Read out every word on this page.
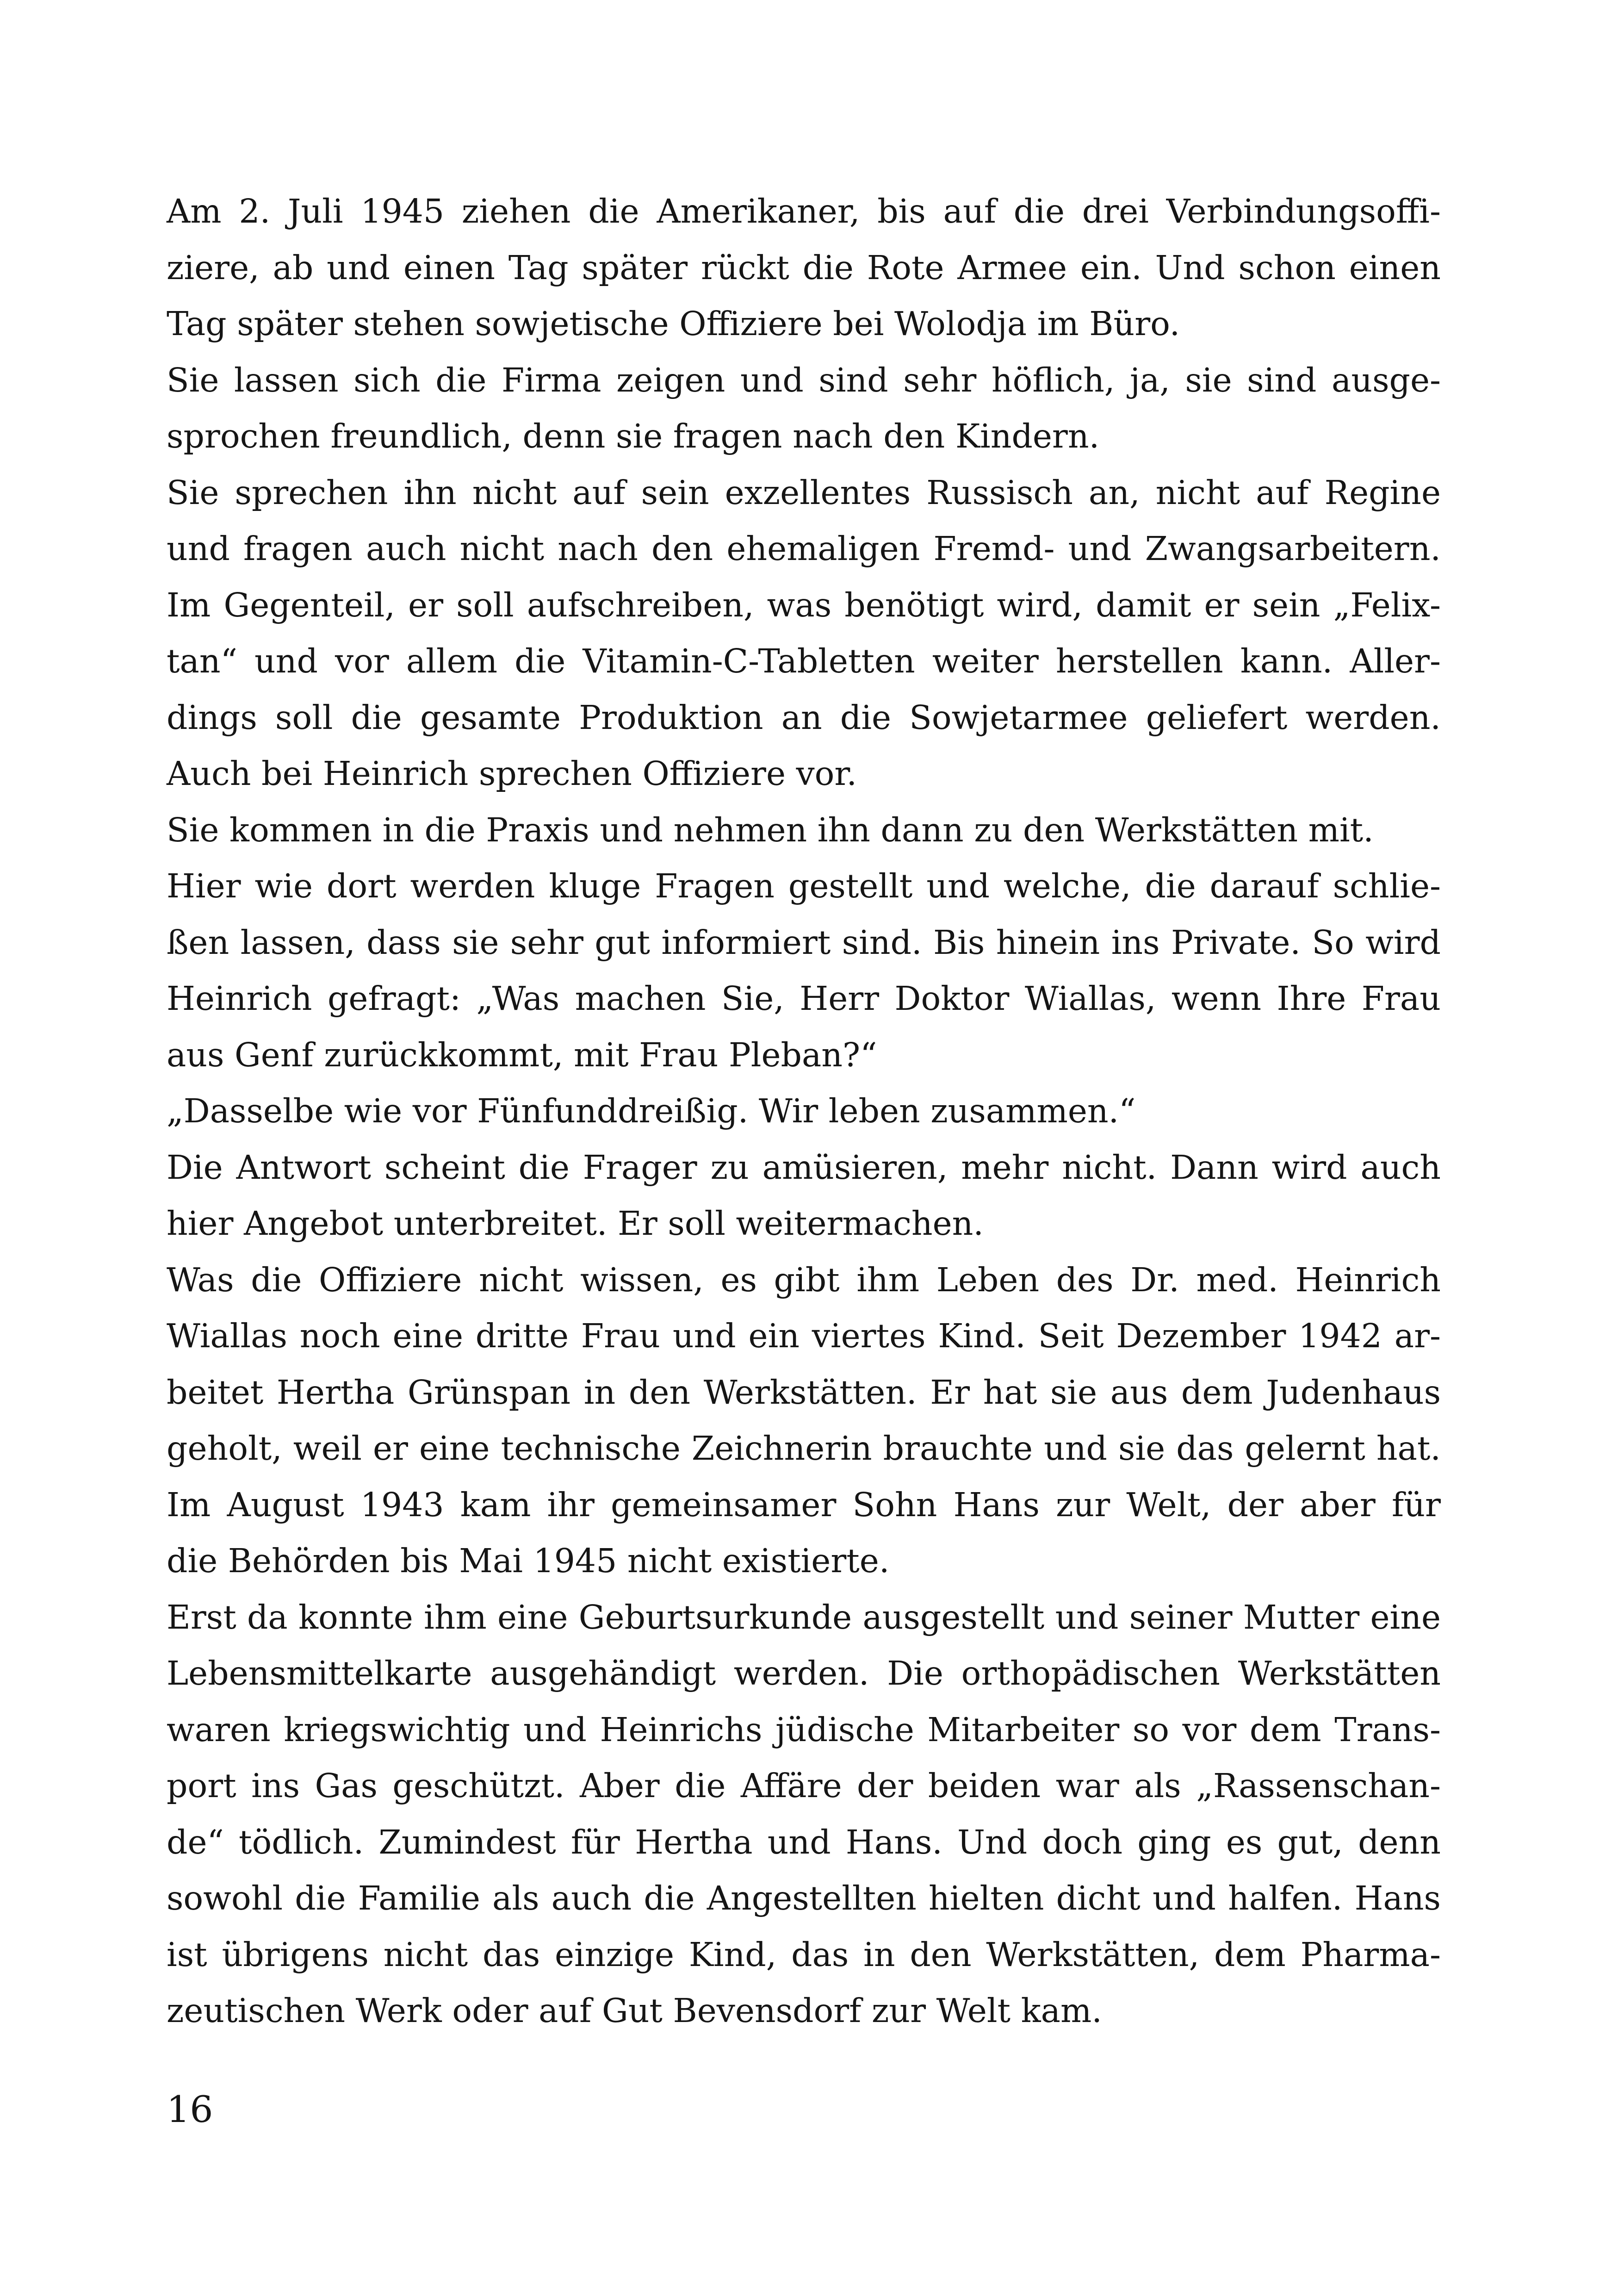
Am 2. Juli 1945 ziehen die Amerikaner, bis auf die drei Verbindungsoffi-
ziere, ab und einen Tag später rückt die Rote Armee ein. Und schon einen
Tag später stehen sowjetische Offiziere bei Wolodja im Büro.
Sie lassen sich die Firma zeigen und sind sehr höflich, ja, sie sind ausge-
sprochen freundlich, denn sie fragen nach den Kindern.
Sie sprechen ihn nicht auf sein exzellentes Russisch an, nicht auf Regine
und fragen auch nicht nach den ehemaligen Fremd- und Zwangsarbeitern.
Im Gegenteil, er soll aufschreiben, was benötigt wird, damit er sein „Felix-
tan“ und vor allem die Vitamin-C-Tabletten weiter herstellen kann. Aller-
dings soll die gesamte Produktion an die Sowjetarmee geliefert werden.
Auch bei Heinrich sprechen Offiziere vor.
Sie kommen in die Praxis und nehmen ihn dann zu den Werkstätten mit.
Hier wie dort werden kluge Fragen gestellt und welche, die darauf schlie-
ßen lassen, dass sie sehr gut informiert sind. Bis hinein ins Private. So wird
Heinrich gefragt: „Was machen Sie, Herr Doktor Wiallas, wenn Ihre Frau
aus Genf zurückkommt, mit Frau Pleban?“
„Dasselbe wie vor Fünfunddreißig. Wir leben zusammen.“
Die Antwort scheint die Frager zu amüsieren, mehr nicht. Dann wird auch
hier Angebot unterbreitet. Er soll weitermachen.
Was die Offiziere nicht wissen, es gibt ihm Leben des Dr. med. Heinrich
Wiallas noch eine dritte Frau und ein viertes Kind. Seit Dezember 1942 ar-
beitet Hertha Grünspan in den Werkstätten. Er hat sie aus dem Judenhaus
geholt, weil er eine technische Zeichnerin brauchte und sie das gelernt hat.
Im August 1943 kam ihr gemeinsamer Sohn Hans zur Welt, der aber für
die Behörden bis Mai 1945 nicht existierte.
Erst da konnte ihm eine Geburtsurkunde ausgestellt und seiner Mutter eine
Lebensmittelkarte ausgehändigt werden. Die orthopädischen Werkstätten
waren kriegswichtig und Heinrichs jüdische Mitarbeiter so vor dem Trans-
port ins Gas geschützt. Aber die Affäre der beiden war als „Rassenschan-
de“ tödlich. Zumindest für Hertha und Hans. Und doch ging es gut, denn
sowohl die Familie als auch die Angestellten hielten dicht und halfen. Hans
ist übrigens nicht das einzige Kind, das in den Werkstätten, dem Pharma-
zeutischen Werk oder auf Gut Bevensdorf zur Welt kam.
16
